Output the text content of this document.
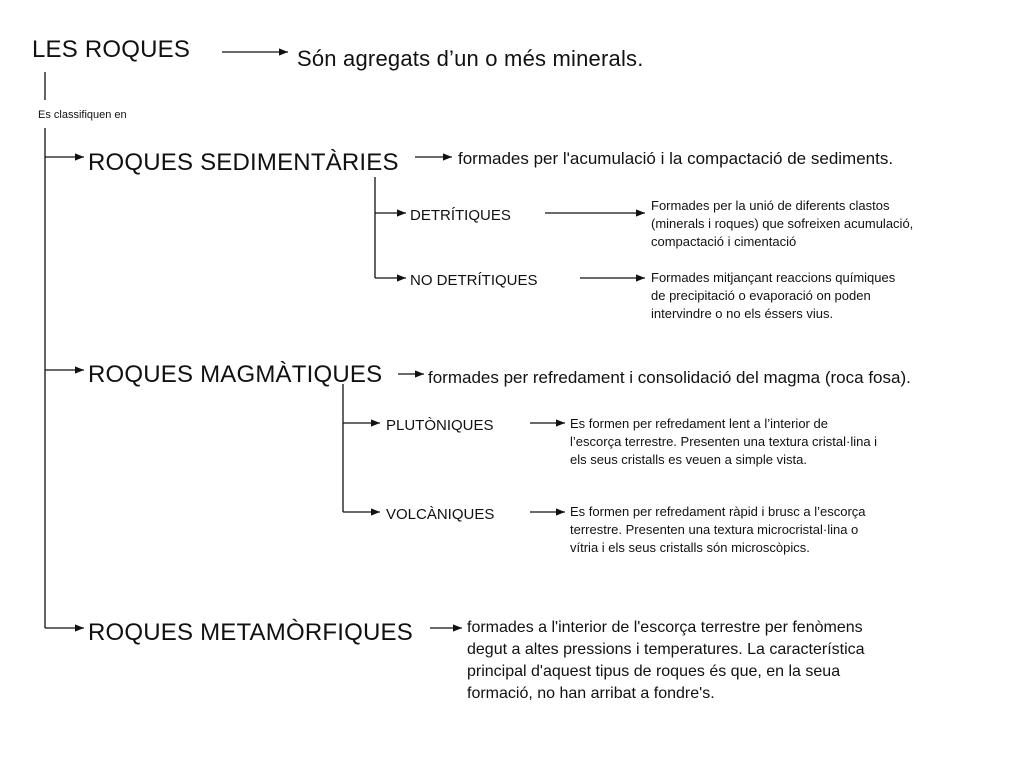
LES ROQUES	Són agregats d’un o més minerals.
Es classifiquen en
ROQUES SEDIMENTÀRIES	formades per l'acumulació i la compactació de sediments.
DETRÍTIQUES
Formades per la unió de diferents clastos
(minerals i roques) que sofreixen acumulació,
compactació i cimentació
NO DETRÍTIQUES	Formades mitjançant reaccions químiques
de precipitació o evaporació on poden
intervindre o no els éssers vius.
ROQUES MAGMÀTIQUES	formades per refredament i consolidació del magma (roca fosa).
PLUTÒNIQUES	Es formen per refredament lent a l’interior de
l’escorça terrestre. Presenten una textura cristal·lina i
els seus cristalls es veuen a simple vista.
VOLCÀNIQUES	Es formen per refredament ràpid i brusc a l’escorça
terrestre. Presenten una textura microcristal·lina o
vítria i els seus cristalls són microscòpics.
ROQUES METAMÒRFIQUES	formades a l'interior de l'escorça terrestre per fenòmens
degut a altes pressions i temperatures. La característica
principal d'aquest tipus de roques és que, en la seua
formació, no han arribat a fondre's.
